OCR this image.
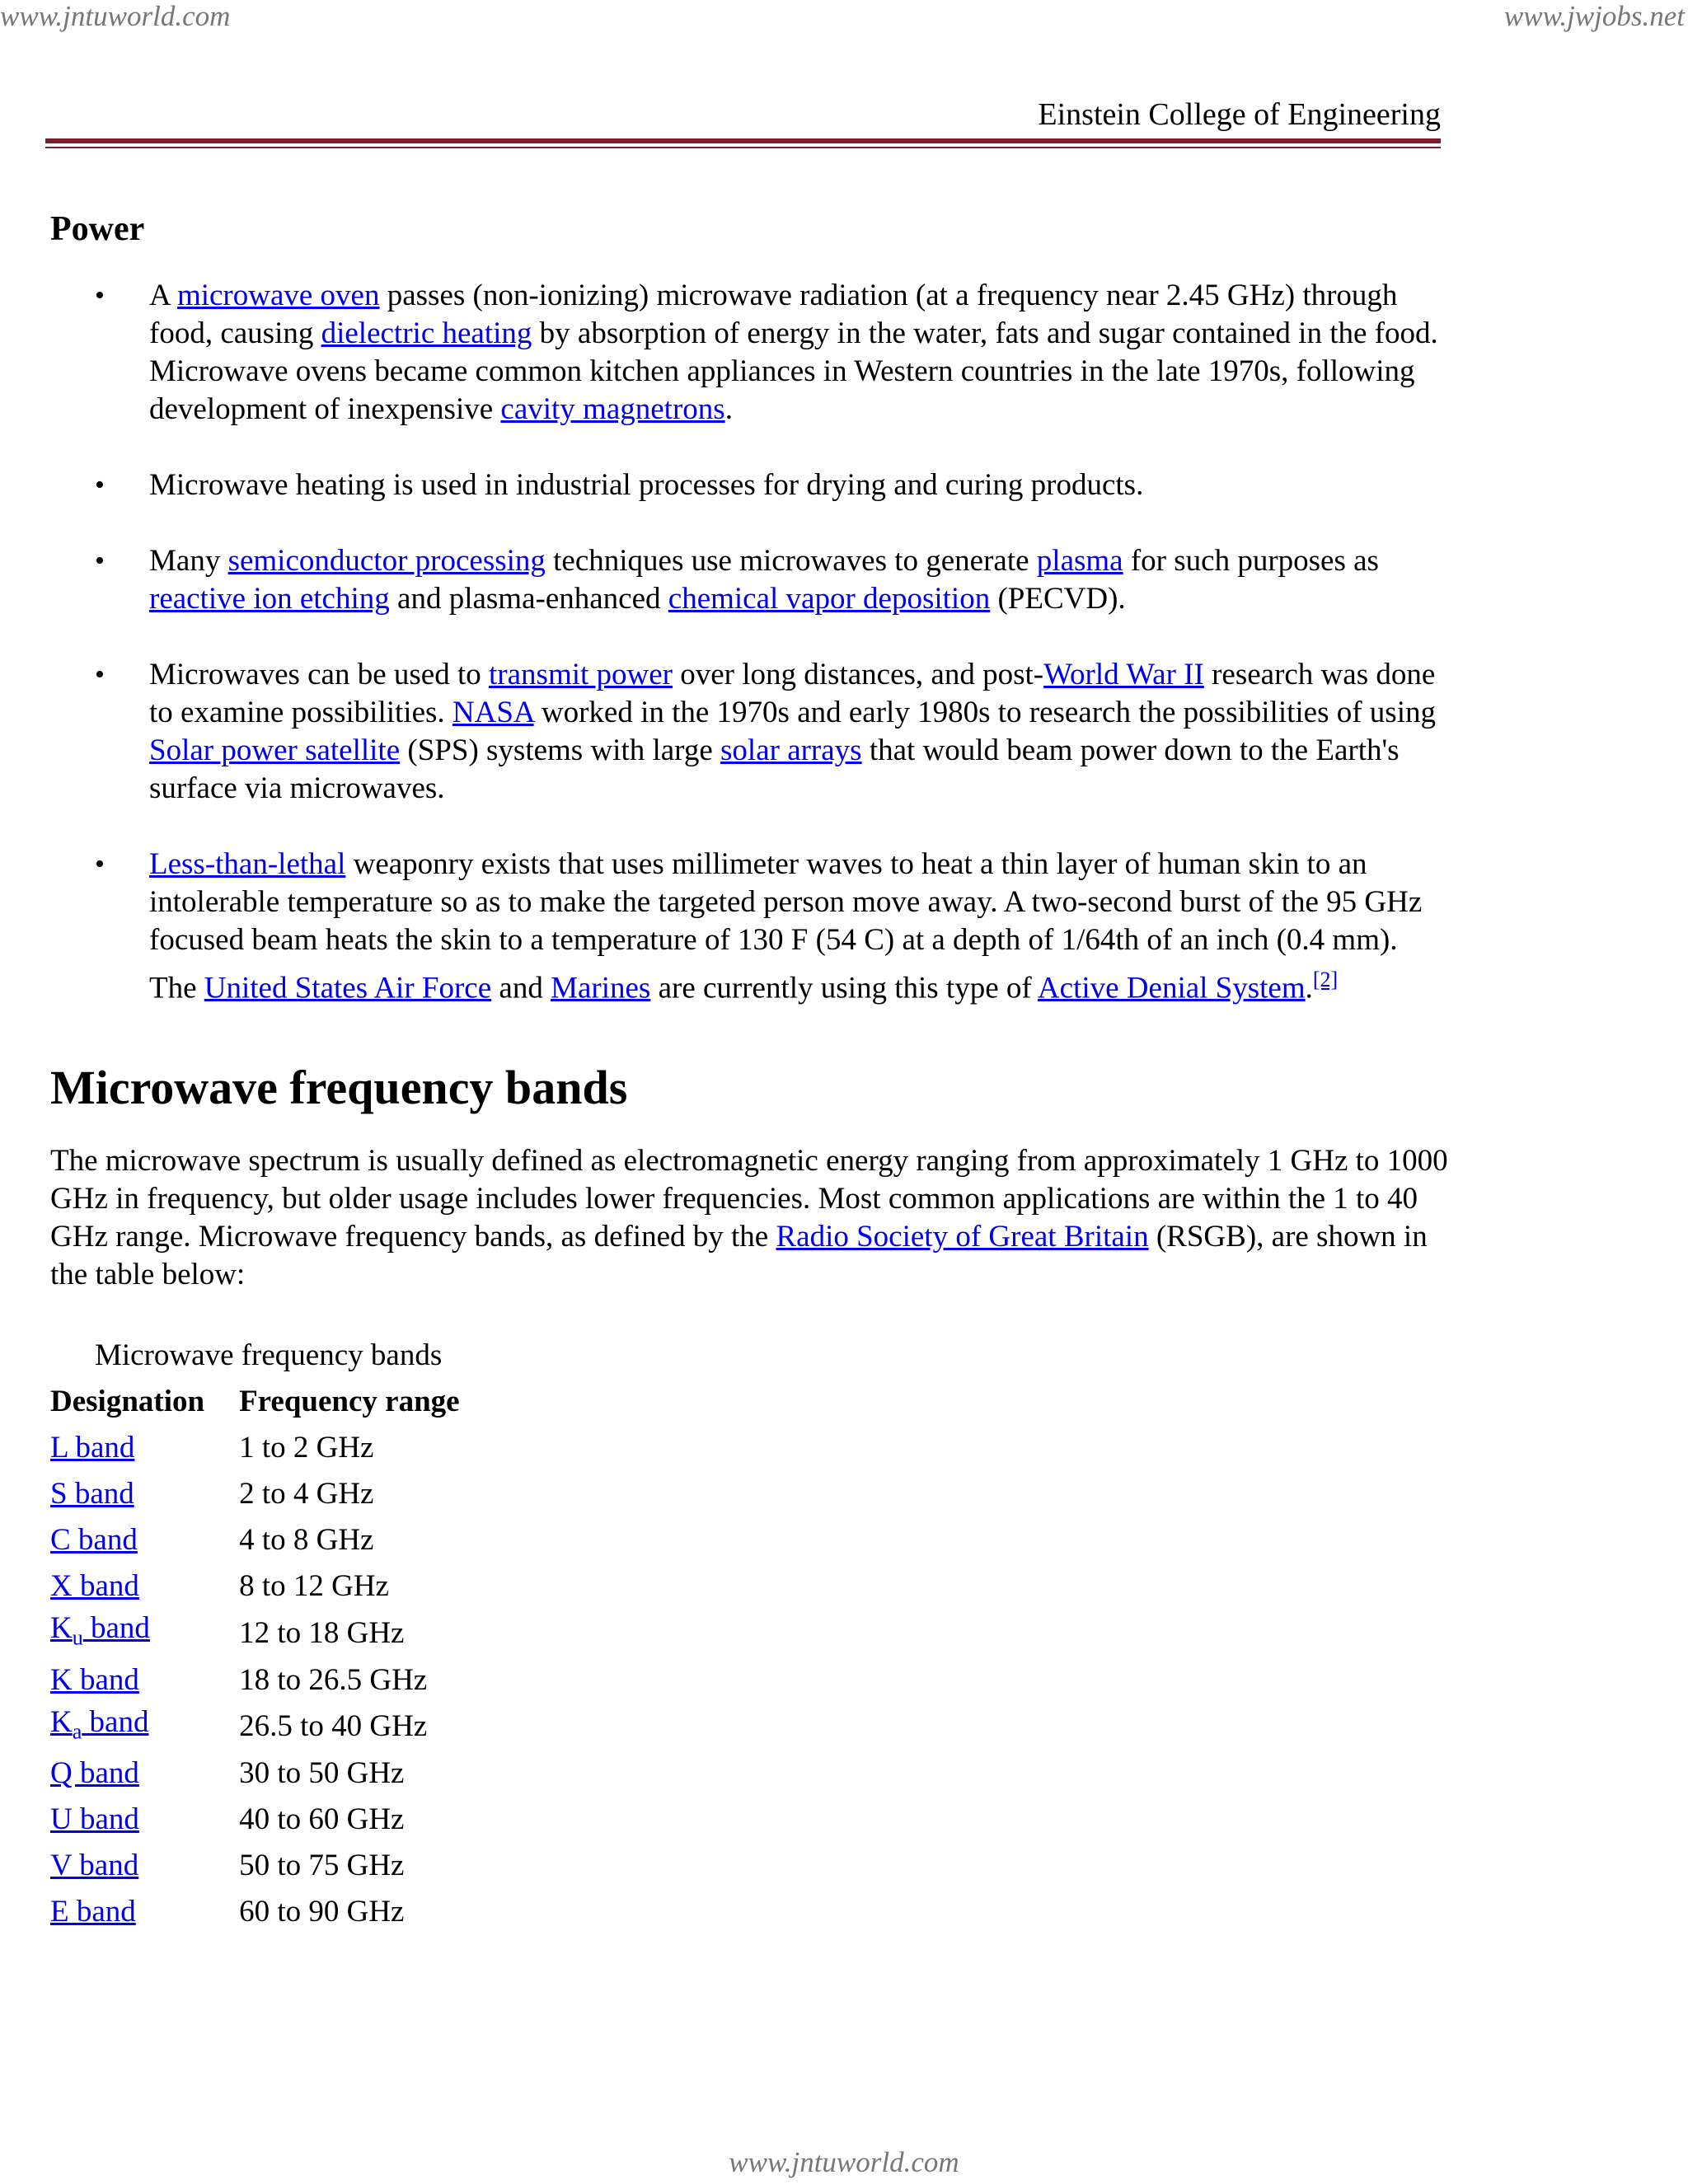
www.jntuworld.com	www.jwjobs.net
Einstein College of Engineering
Power
• A microwave oven passes (non-ionizing) microwave radiation (at a frequency near 2.45 GHz) through food, causing dielectric heating by absorption of energy in the water, fats and sugar contained in the food. Microwave ovens became common kitchen appliances in Western countries in the late 1970s, following development of inexpensive cavity magnetrons.
• Microwave heating is used in industrial processes for drying and curing products.
• Many semiconductor processing techniques use microwaves to generate plasma for such purposes as reactive ion etching and plasma-enhanced chemical vapor deposition (PECVD).
• Microwaves can be used to transmit power over long distances, and post-World War II research was done to examine possibilities. NASA worked in the 1970s and early 1980s to research the possibilities of using Solar power satellite (SPS) systems with large solar arrays that would beam power down to the Earth's surface via microwaves.
• Less-than-lethal weaponry exists that uses millimeter waves to heat a thin layer of human skin to an intolerable temperature so as to make the targeted person move away. A two-second burst of the 95 GHz focused beam heats the skin to a temperature of 130 F (54 C) at a depth of 1/64th of an inch (0.4 mm). The United States Air Force and Marines are currently using this type of Active Denial System.[2]
Microwave frequency bands

The microwave spectrum is usually defined as electromagnetic energy ranging from approximately 1 GHz to 1000 GHz in frequency, but older usage includes lower frequencies. Most common applications are within the 1 to 40 GHz range. Microwave frequency bands, as defined by the Radio Society of Great Britain (RSGB), are shown in the table below:

Microwave frequency bands
Designation	Frequency range
L band	1 to 2 GHz
S band	2 to 4 GHz
C band	4 to 8 GHz
X band	8 to 12 GHz
$K_u$ band	12 to 18 GHz
K band	18 to 26.5 GHz
$K_a$ band	26.5 to 40 GHz
Q band	30 to 50 GHz
U band	40 to 60 GHz
V band	50 to 75 GHz
E band	60 to 90 GHz
www.jntuworld.com
